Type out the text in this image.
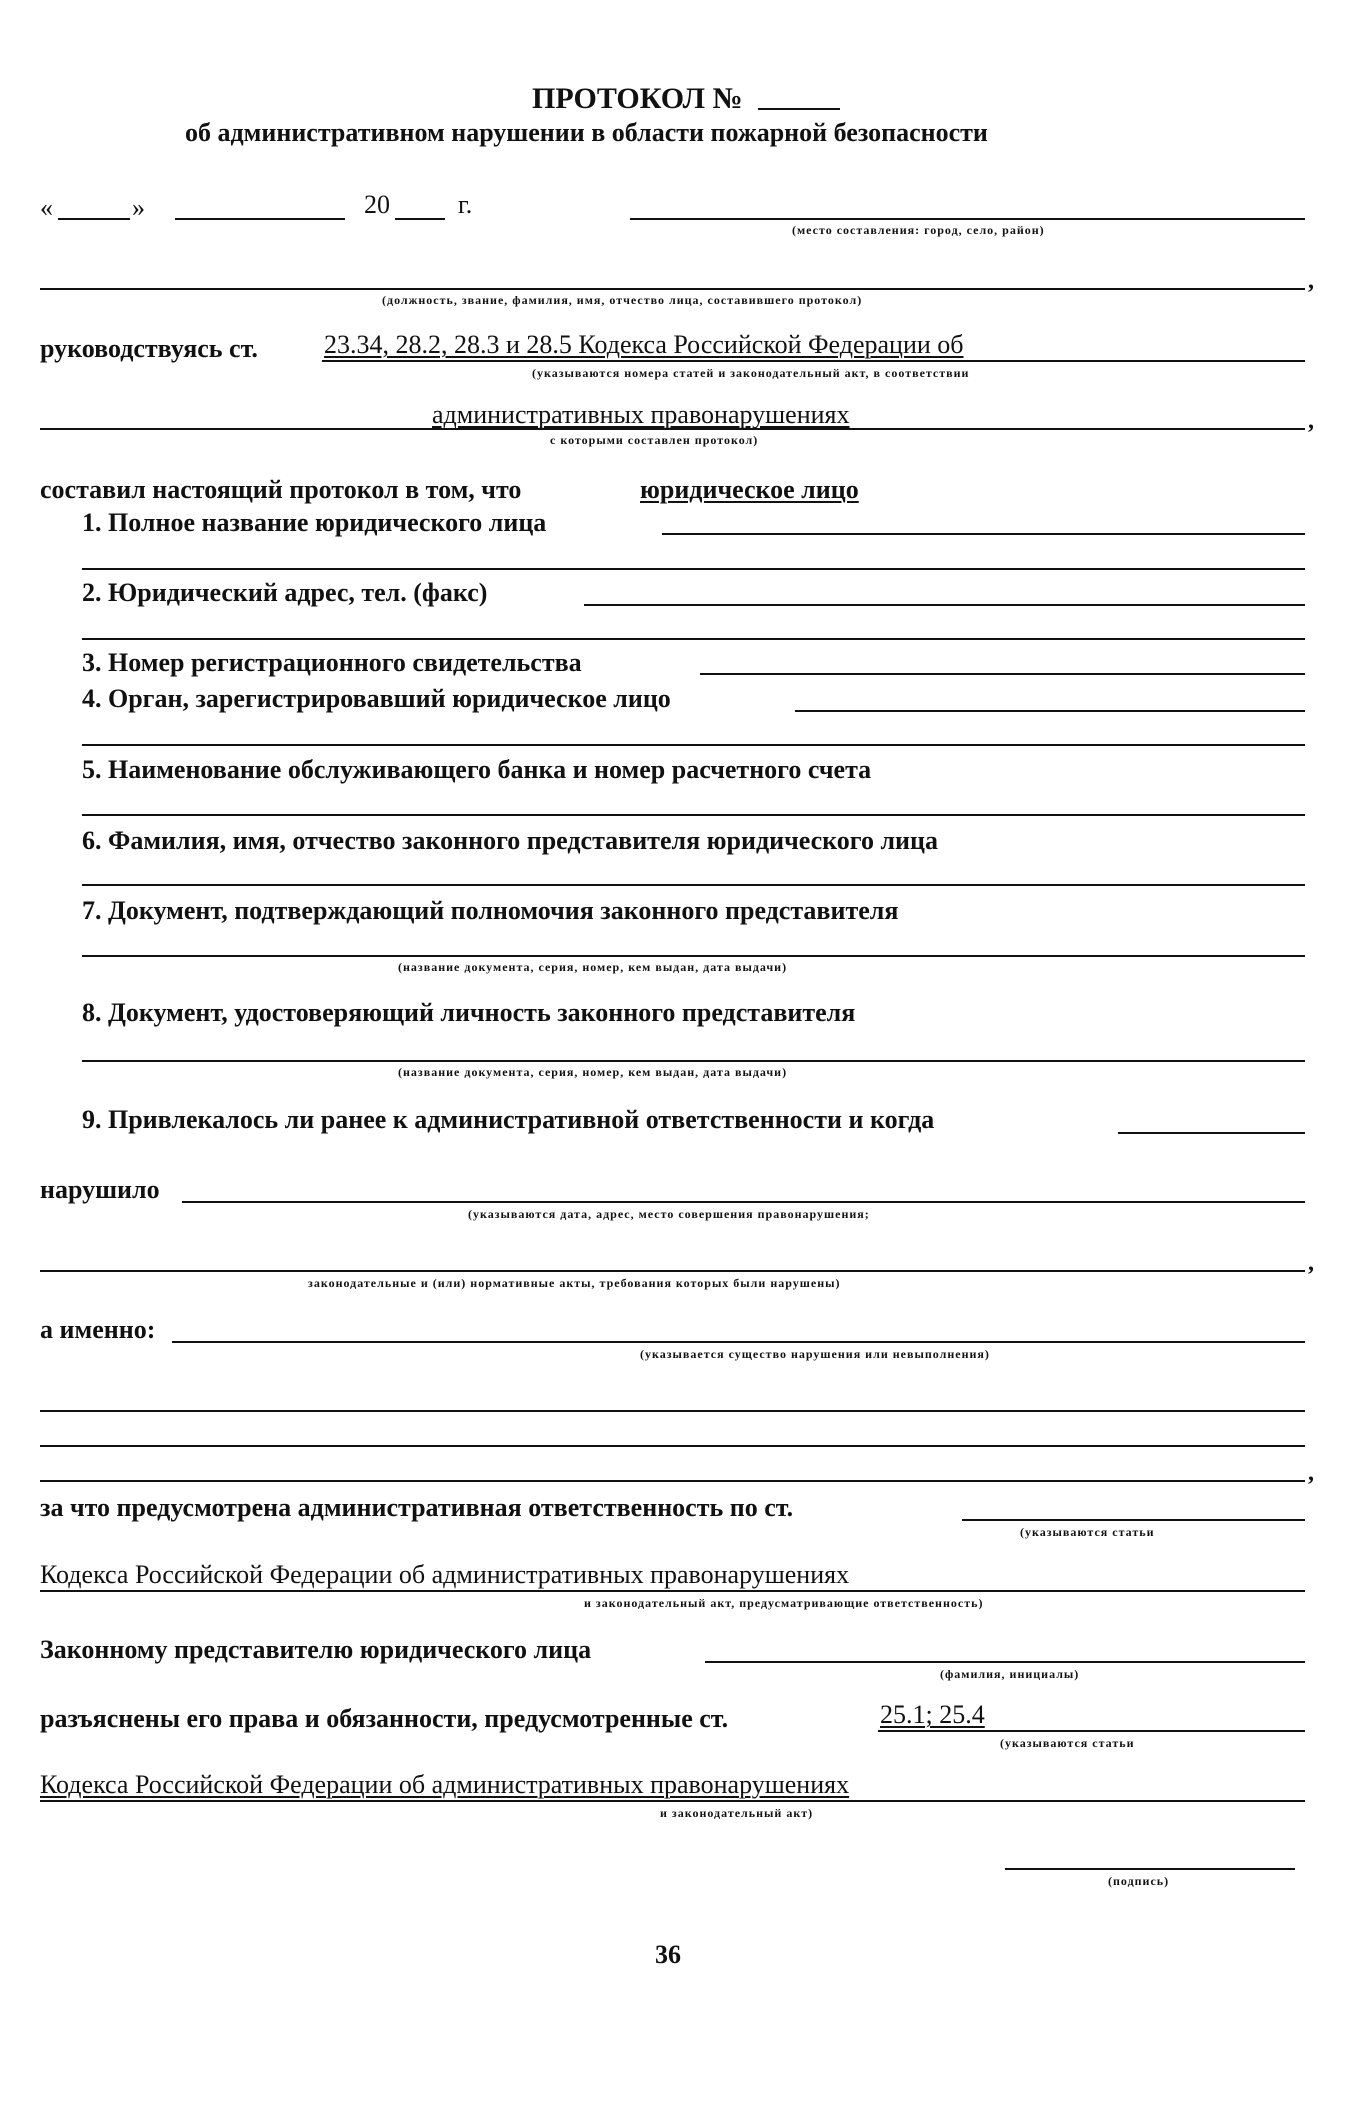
ПРОТОКОЛ №
об административном нарушении в области пожарной безопасности
«	»	20	г.
(место составления: город, село, район)
,
(должность, звание, фамилия, имя, отчество лица, составившего протокол)
руководствуясь ст.	23.34, 28.2, 28.3 и 28.5 Кодекса Российской Федерации об
(указываются номера статей и законодательный акт, в соответствии
,
административных правонарушениях
с которыми составлен протокол)
составил настоящий протокол в том, что	юридическое лицо
1. Полное название юридического лица
2. Юридический адрес, тел. (факс)
3. Номер регистрационного свидетельства
4. Орган, зарегистрировавший юридическое лицо
5. Наименование обслуживающего банка и номер расчетного счета
6. Фамилия, имя, отчество законного представителя юридического лица
7. Документ, подтверждающий полномочия законного представителя
(название документа, серия, номер, кем выдан, дата выдачи)
8. Документ, удостоверяющий личность законного представителя
(название документа, серия, номер, кем выдан, дата выдачи)
9. Привлекалось ли ранее к административной ответственности и когда
нарушило
(указываются дата, адрес, место совершения правонарушения;
,
законодательные и (или) нормативные акты, требования которых были нарушены)
а именно:
(указывается существо нарушения или невыполнения)
,
за что предусмотрена административная ответственность по ст.
(указываются статьи
Кодекса Российской Федерации об административных правонарушениях
и законодательный акт, предусматривающие ответственность)
Законному представителю юридического лица
(фамилия, инициалы)
разъяснены его права и обязанности, предусмотренные ст.	25.1; 25.4
(указываются статьи
Кодекса Российской Федерации об административных правонарушениях
и законодательный акт)
(подпись)
36
